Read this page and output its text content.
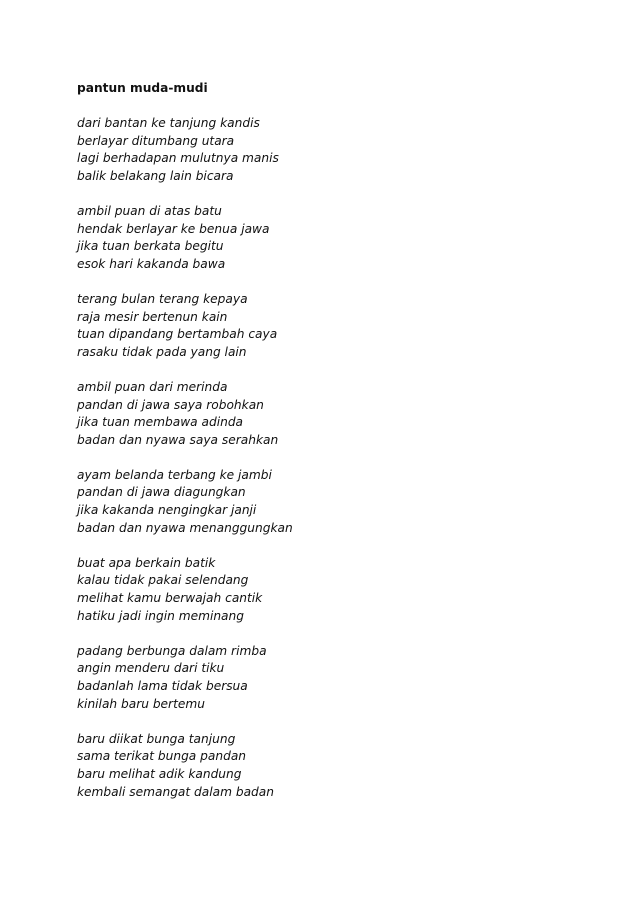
pantun muda-mudi
dari bantan ke tanjung kandis
berlayar ditumbang utara
lagi berhadapan mulutnya manis
balik belakang lain bicara
ambil puan di atas batu
hendak berlayar ke benua jawa
jika tuan berkata begitu
esok hari kakanda bawa
terang bulan terang kepaya
raja mesir bertenun kain
tuan dipandang bertambah caya
rasaku tidak pada yang lain
ambil puan dari merinda
pandan di jawa saya robohkan
jika tuan membawa adinda
badan dan nyawa saya serahkan
ayam belanda terbang ke jambi
pandan di jawa diagungkan
jika kakanda nengingkar janji
badan dan nyawa menanggungkan
buat apa berkain batik
kalau tidak pakai selendang
melihat kamu berwajah cantik
hatiku jadi ingin meminang
padang berbunga dalam rimba
angin menderu dari tiku
badanlah lama tidak bersua
kinilah baru bertemu
baru diikat bunga tanjung
sama terikat bunga pandan
baru melihat adik kandung
kembali semangat dalam badan
